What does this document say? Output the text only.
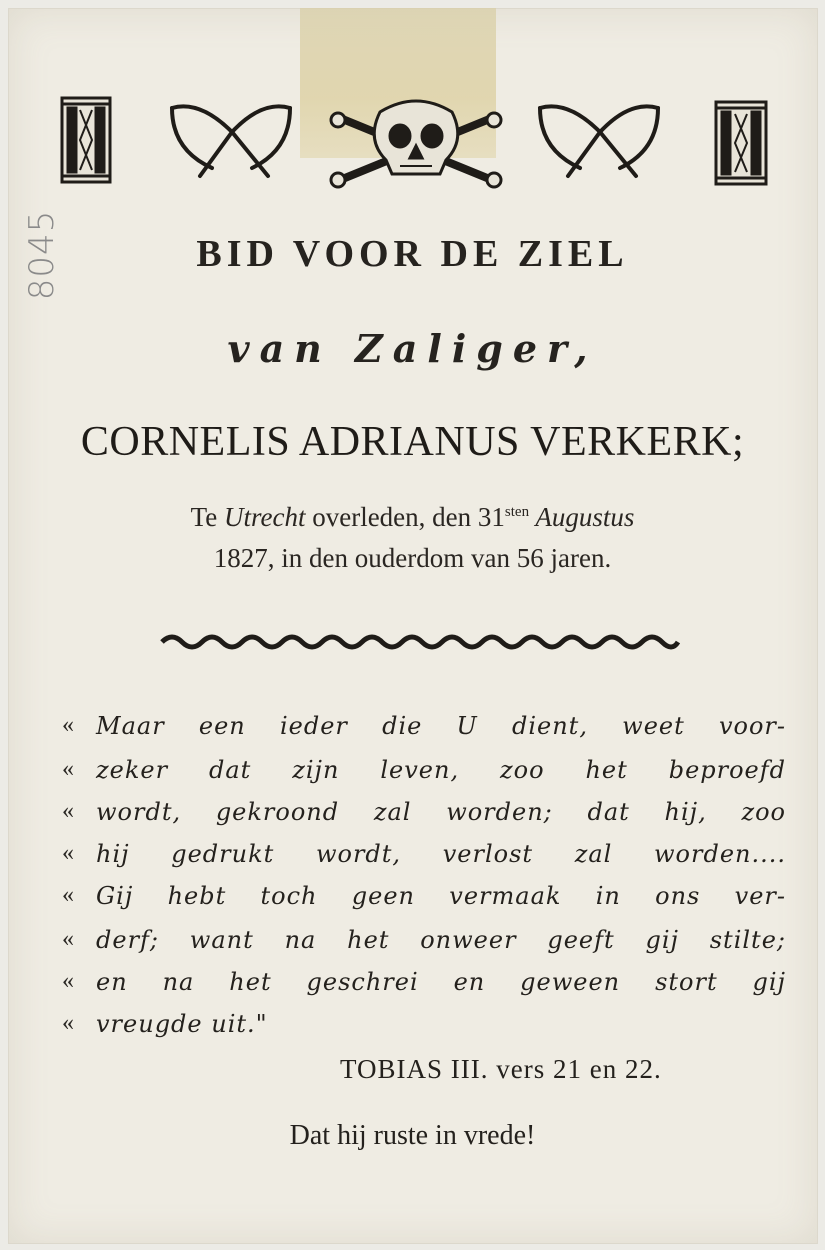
8045	BID VOOR DE ZIEL
van Zaliger,
CORNELIS ADRIANUS VERKERK;
Te Utrecht overleden, den $31^{sten}$ Augustus
1827, in den ouderdom van 56 jaren.
« Maar een ieder die U dient, weet voor-
« zeker dat zijn leven, zoo het beproefd
« wordt, gekroond zal worden; dat hij, zoo
« hij gedrukt wordt, verlost zal worden....
« Gij hebt toch geen vermaak in ons ver-
« derf; want na het onweer geeft gij stilte;
« en na het geschrei en geween stort gij
« vreugde uit."
TOBIAS III. vers 21 en 22.
Dat hij ruste in vrede!
